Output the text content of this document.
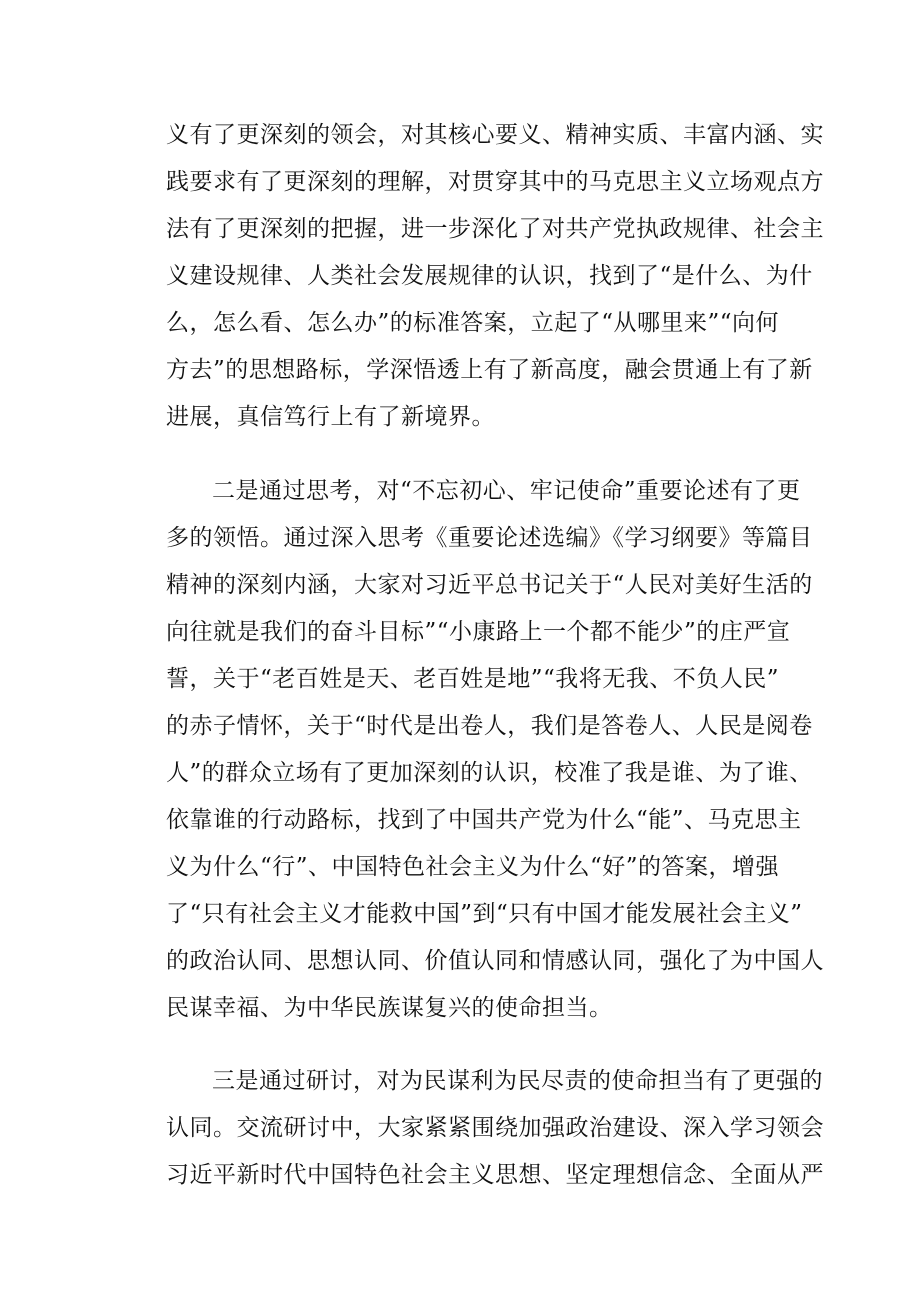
义有了更深刻的领会，对其核心要义、精神实质、丰富内涵、实
践要求有了更深刻的理解，对贯穿其中的马克思主义立场观点方
法有了更深刻的把握，进一步深化了对共产党执政规律、社会主
义建设规律、人类社会发展规律的认识，找到了“是什么、为什
么，怎么看、怎么办”的标准答案，立起了“从哪里来”“向何
方去”的思想路标，学深悟透上有了新高度，融会贯通上有了新
进展，真信笃行上有了新境界。
二是通过思考，对“不忘初心、牢记使命”重要论述有了更
多的领悟。通过深入思考《重要论述选编》《学习纲要》等篇目
精神的深刻内涵，大家对习近平总书记关于“人民对美好生活的
向往就是我们的奋斗目标”“小康路上一个都不能少”的庄严宣
誓，关于“老百姓是天、老百姓是地”“我将无我、不负人民”
的赤子情怀，关于“时代是出卷人，我们是答卷人、人民是阅卷
人”的群众立场有了更加深刻的认识，校准了我是谁、为了谁、
依靠谁的行动路标，找到了中国共产党为什么“能”、马克思主
义为什么“行”、中国特色社会主义为什么“好”的答案，增强
了“只有社会主义才能救中国”到“只有中国才能发展社会主义”
的政治认同、思想认同、价值认同和情感认同，强化了为中国人
民谋幸福、为中华民族谋复兴的使命担当。
三是通过研讨，对为民谋利为民尽责的使命担当有了更强的
认同。交流研讨中，大家紧紧围绕加强政治建设、深入学习领会
习近平新时代中国特色社会主义思想、坚定理想信念、全面从严
